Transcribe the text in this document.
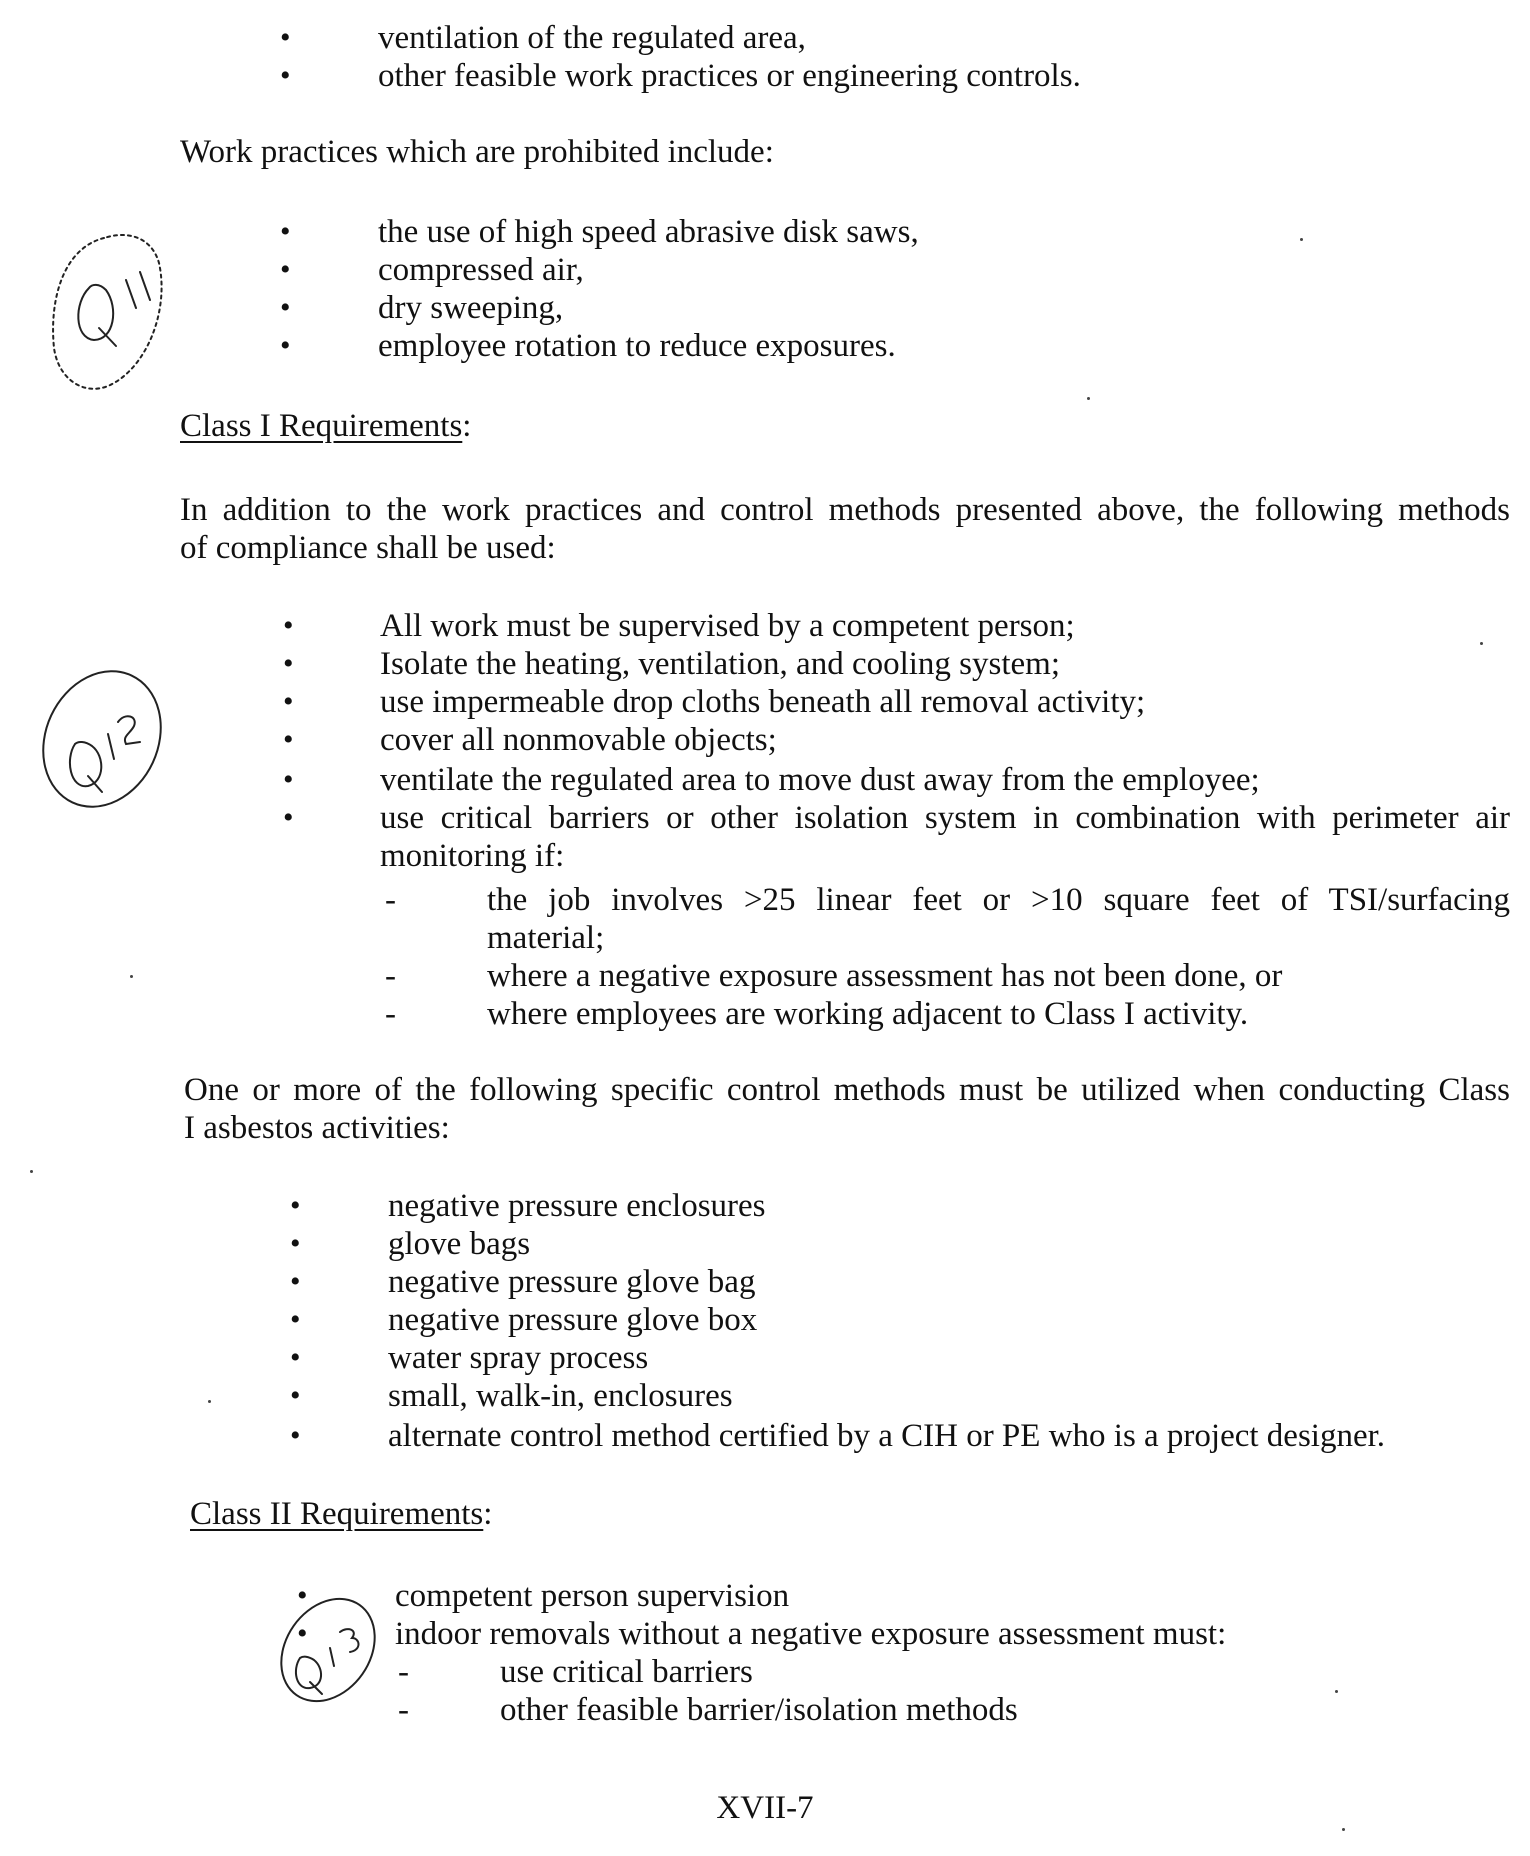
•	ventilation of the regulated area,
•	other feasible work practices or engineering controls.
Work practices which are prohibited include:
•	the use of high speed abrasive disk saws,
•	compressed air,
•	dry sweeping,
•	employee rotation to reduce exposures.
Class I Requirements:
In addition to the work practices and control methods presented above, the following methods
of compliance shall be used:
•	All work must be supervised by a competent person;
•	Isolate the heating, ventilation, and cooling system;
•	use impermeable drop cloths beneath all removal activity;
•	cover all nonmovable objects;
•	ventilate the regulated area to move dust away from the employee;
•	use critical barriers or other isolation system in combination with perimeter air
monitoring if:
-	the job involves >25 linear feet or >10 square feet of TSI/surfacing
material;
-	where a negative exposure assessment has not been done, or
-	where employees are working adjacent to Class I activity.
One or more of the following specific control methods must be utilized when conducting Class
I asbestos activities:
•	negative pressure enclosures
•	glove bags
•	negative pressure glove bag
•	negative pressure glove box
•	water spray process
•	small, walk-in, enclosures
•	alternate control method certified by a CIH or PE who is a project designer.
Class II Requirements:
•	competent person supervision
•	indoor removals without a negative exposure assessment must:
-	use critical barriers
-	other feasible barrier/isolation methods
XVII-7
